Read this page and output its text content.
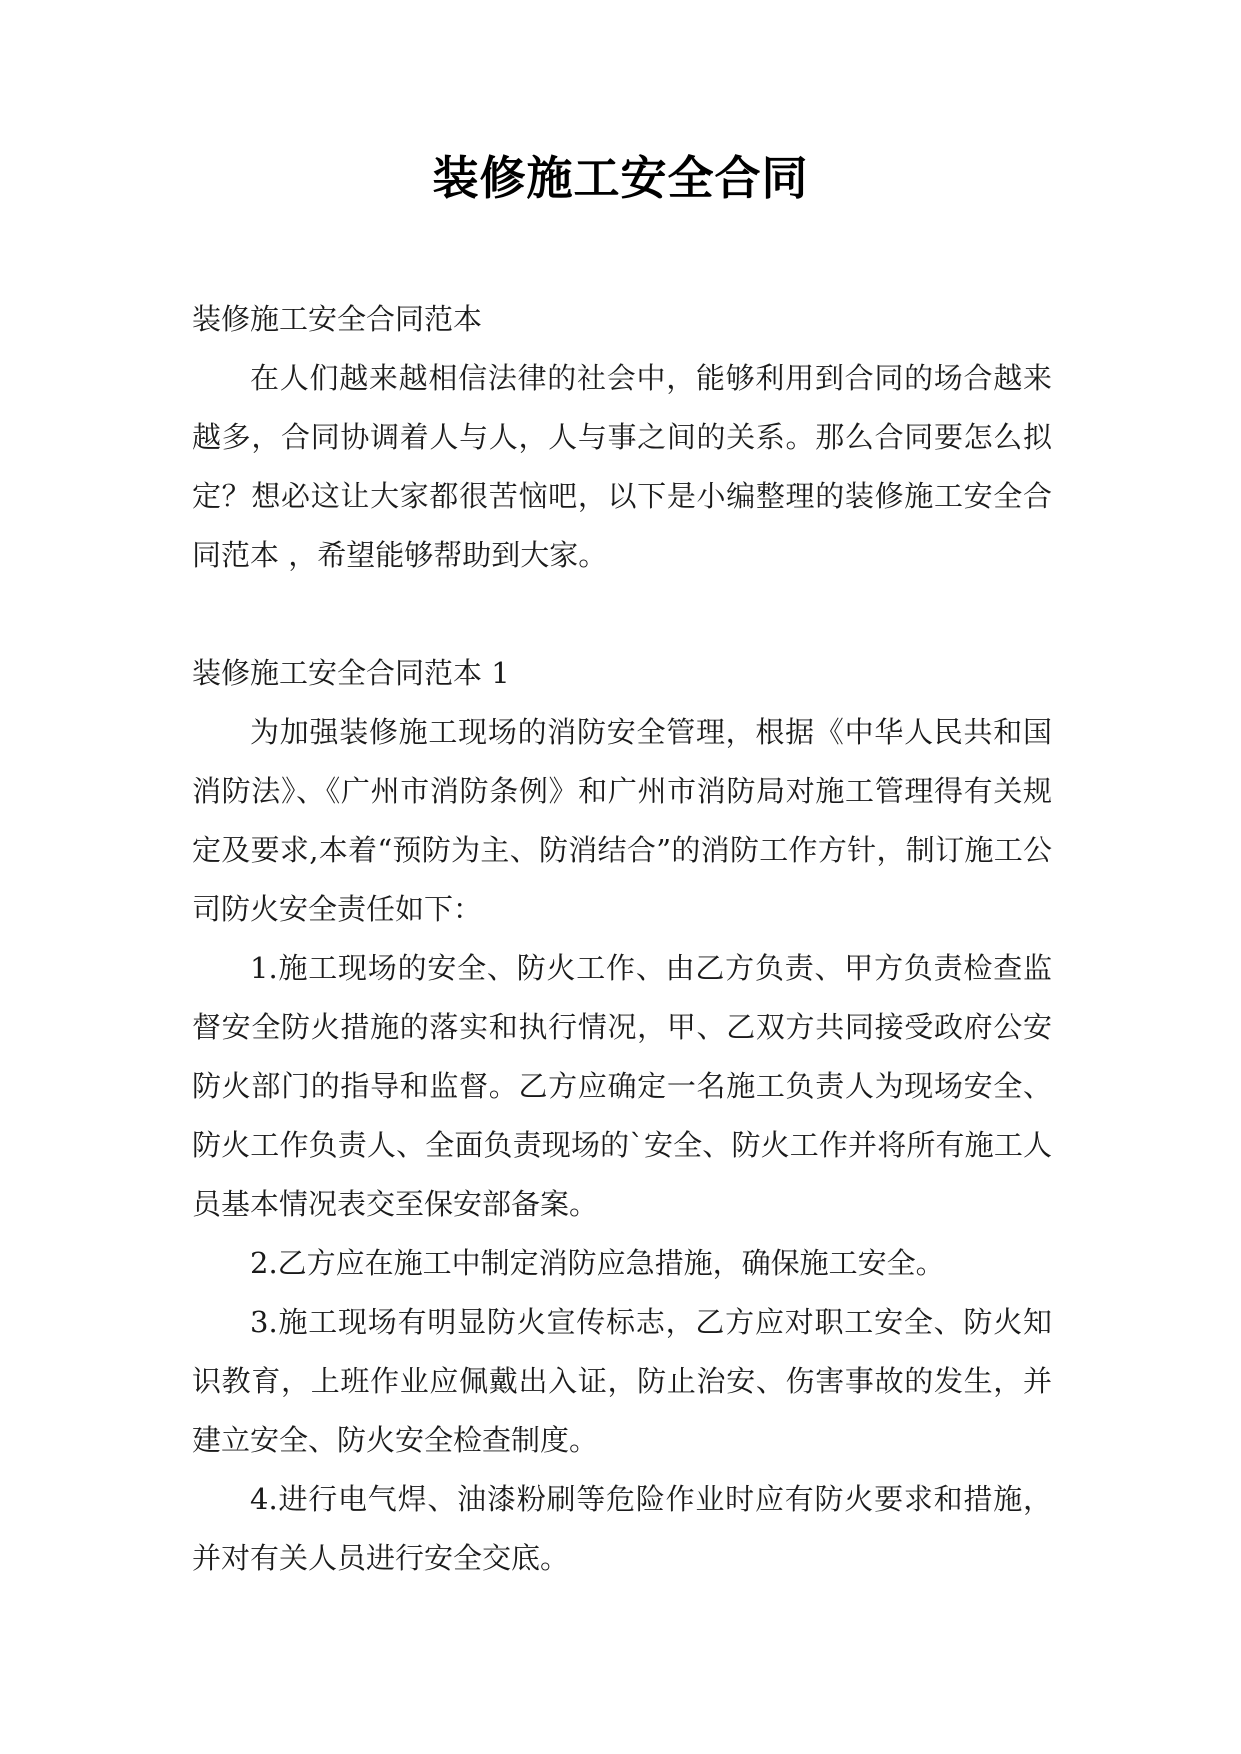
装修施工安全合同

装修施工安全合同范本

在人们越来越相信法律的社会中，能够利用到合同的场合越来越多，合同协调着人与人，人与事之间的关系。那么合同要怎么拟定？想必这让大家都很苦恼吧，以下是小编整理的装修施工安全合同范本 ，希望能够帮助到大家。

装修施工安全合同范本 1

为加强装修施工现场的消防安全管理，根据《中华人民共和国消防法》、《广州市消防条例》和广州市消防局对施工管理得有关规定及要求,本着“预防为主、防消结合”的消防工作方针，制订施工公司防火安全责任如下：

1.施工现场的安全、防火工作、由乙方负责、甲方负责检查监督安全防火措施的落实和执行情况，甲、乙双方共同接受政府公安防火部门的指导和监督。乙方应确定一名施工负责人为现场安全、防火工作负责人、全面负责现场的`安全、防火工作并将所有施工人员基本情况表交至保安部备案。

2.乙方应在施工中制定消防应急措施，确保施工安全。

3.施工现场有明显防火宣传标志，乙方应对职工安全、防火知识教育，上班作业应佩戴出入证，防止治安、伤害事故的发生，并建立安全、防火安全检查制度。

4.进行电气焊、油漆粉刷等危险作业时应有防火要求和措施，并对有关人员进行安全交底。
